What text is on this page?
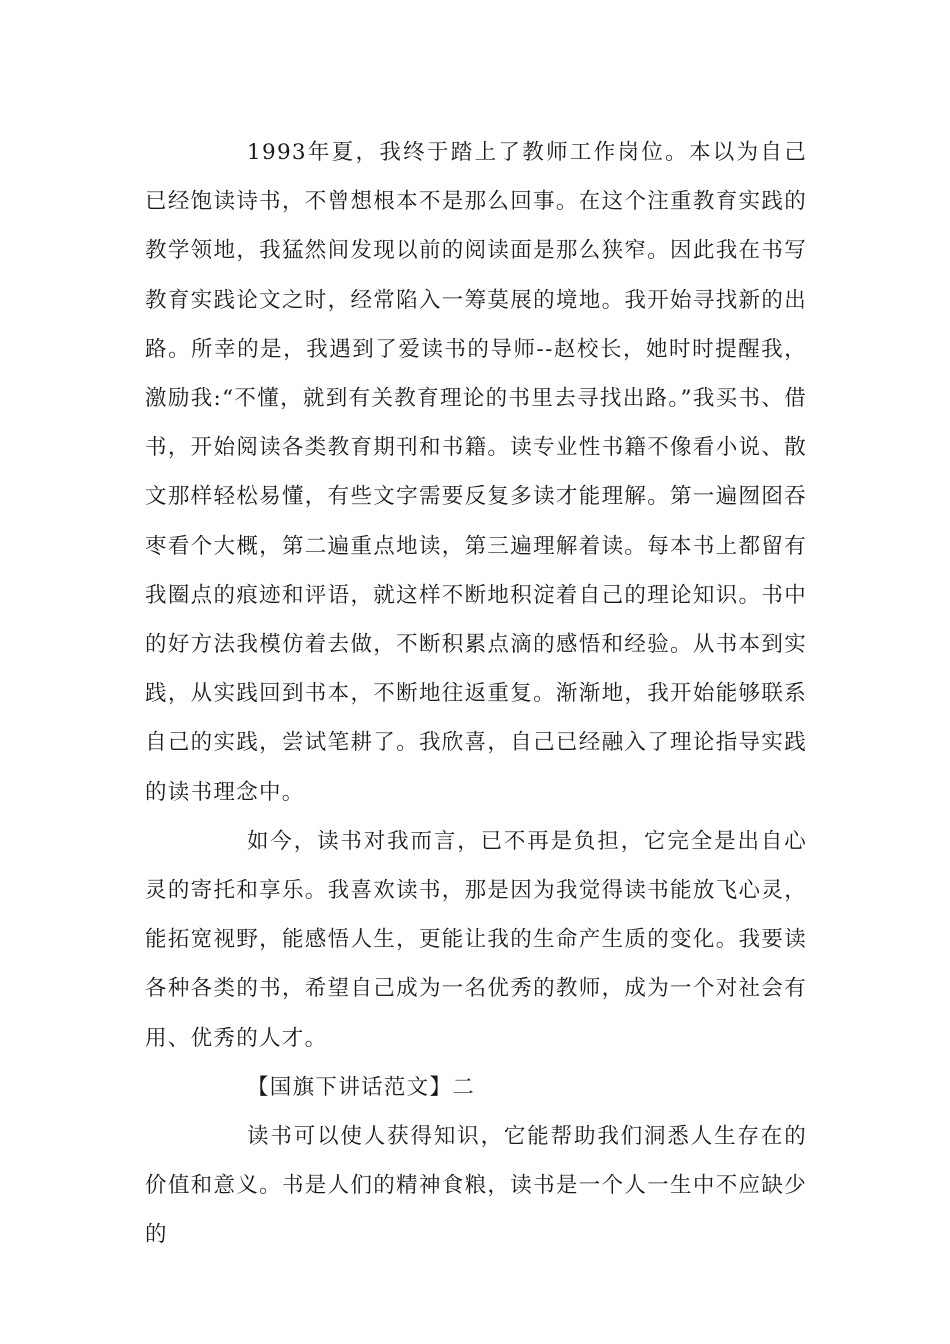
1993年夏，我终于踏上了教师工作岗位。本以为自己已经饱读诗书，不曾想根本不是那么回事。在这个注重教育实践的教学领地，我猛然间发现以前的阅读面是那么狭窄。因此我在书写教育实践论文之时，经常陷入一筹莫展的境地。我开始寻找新的出路。所幸的是，我遇到了爱读书的导师--赵校长，她时时提醒我，激励我:“不懂，就到有关教育理论的书里去寻找出路。”我买书、借书，开始阅读各类教育期刊和书籍。读专业性书籍不像看小说、散文那样轻松易懂，有些文字需要反复多读才能理解。第一遍囫囵吞枣看个大概，第二遍重点地读，第三遍理解着读。每本书上都留有我圈点的痕迹和评语，就这样不断地积淀着自己的理论知识。书中的好方法我模仿着去做，不断积累点滴的感悟和经验。从书本到实践，从实践回到书本，不断地往返重复。渐渐地，我开始能够联系自己的实践，尝试笔耕了。我欣喜，自己已经融入了理论指导实践的读书理念中。

如今，读书对我而言，已不再是负担，它完全是出自心灵的寄托和享乐。我喜欢读书，那是因为我觉得读书能放飞心灵，能拓宽视野，能感悟人生，更能让我的生命产生质的变化。我要读各种各类的书，希望自己成为一名优秀的教师，成为一个对社会有用、优秀的人才。

【国旗下讲话范文】二

读书可以使人获得知识，它能帮助我们洞悉人生存在的价值和意义。书是人们的精神食粮，读书是一个人一生中不应缺少的
